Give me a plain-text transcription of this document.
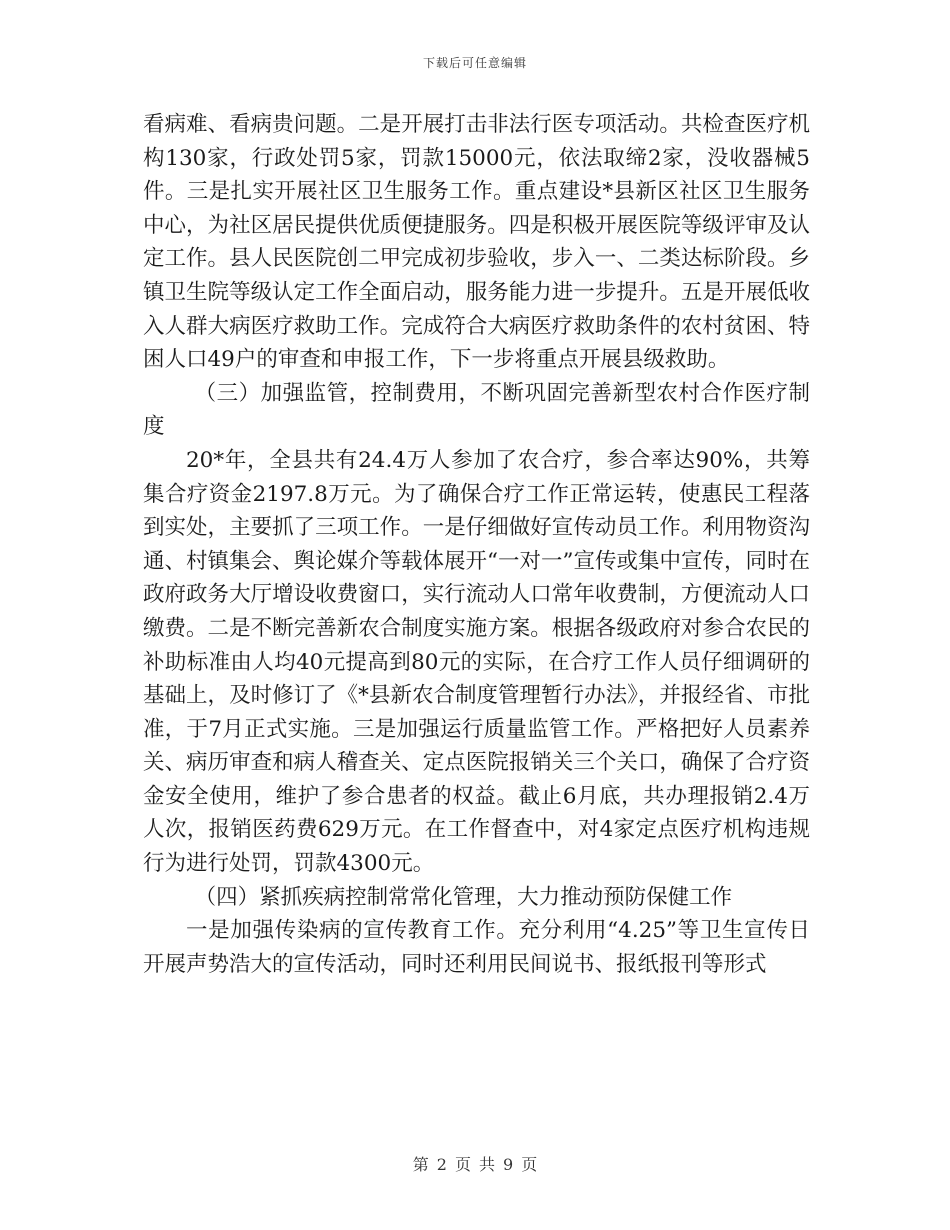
下载后可任意编辑

看病难、看病贵问题。二是开展打击非法行医专项活动。共检查医疗机构130家，行政处罚5家，罚款15000元，依法取缔2家，没收器械5件。三是扎实开展社区卫生服务工作。重点建设*县新区社区卫生服务中心，为社区居民提供优质便捷服务。四是积极开展医院等级评审及认定工作。县人民医院创二甲完成初步验收，步入一、二类达标阶段。乡镇卫生院等级认定工作全面启动，服务能力进一步提升。五是开展低收入人群大病医疗救助工作。完成符合大病医疗救助条件的农村贫困、特困人口49户的审查和申报工作，下一步将重点开展县级救助。

（三）加强监管，控制费用，不断巩固完善新型农村合作医疗制度

20*年，全县共有24.4万人参加了农合疗，参合率达90%，共筹集合疗资金2197.8万元。为了确保合疗工作正常运转，使惠民工程落到实处，主要抓了三项工作。一是仔细做好宣传动员工作。利用物资沟通、村镇集会、舆论媒介等载体展开“一对一”宣传或集中宣传，同时在政府政务大厅增设收费窗口，实行流动人口常年收费制，方便流动人口缴费。二是不断完善新农合制度实施方案。根据各级政府对参合农民的补助标准由人均40元提高到80元的实际，在合疗工作人员仔细调研的基础上，及时修订了《*县新农合制度管理暂行办法》，并报经省、市批准，于7月正式实施。三是加强运行质量监管工作。严格把好人员素养关、病历审查和病人稽查关、定点医院报销关三个关口，确保了合疗资金安全使用，维护了参合患者的权益。截止6月底，共办理报销2.4万人次，报销医药费629万元。在工作督查中，对4家定点医疗机构违规行为进行处罚，罚款4300元。

（四）紧抓疾病控制常常化管理，大力推动预防保健工作

一是加强传染病的宣传教育工作。充分利用“4.25”等卫生宣传日开展声势浩大的宣传活动，同时还利用民间说书、报纸报刊等形式

第 2 页 共 9 页
